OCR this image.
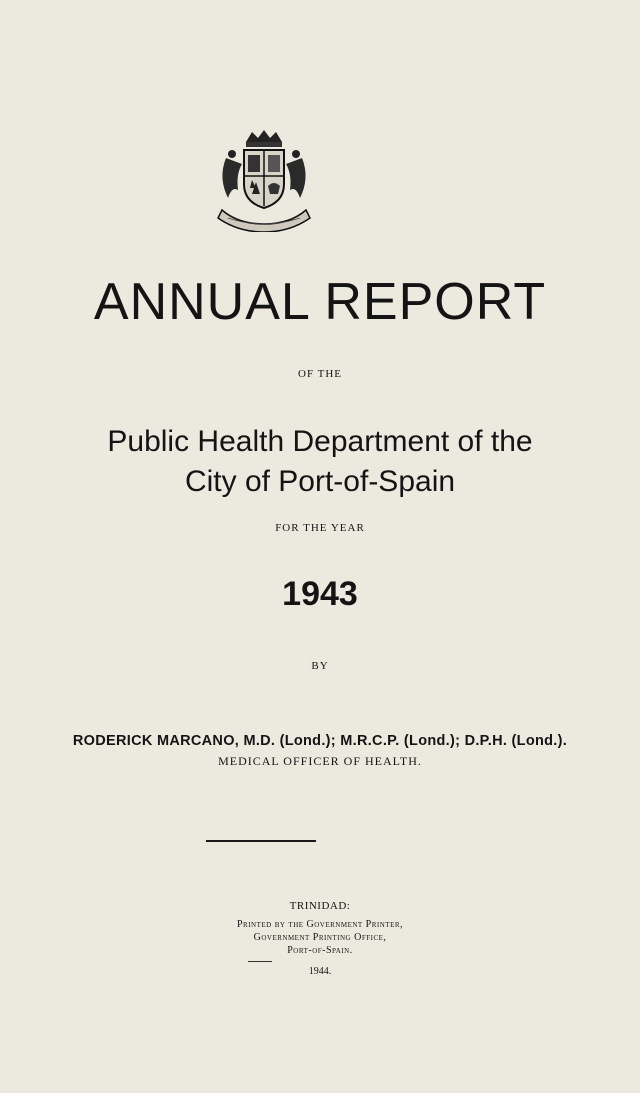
ANNUAL REPORT
OF THE
Public Health Department of the
City of Port-of-Spain
FOR THE YEAR
1943
BY
RODERICK MARCANO, M.D. (Lond.); M.R.C.P. (Lond.); D.P.H. (Lond.).
MEDICAL OFFICER OF HEALTH.
TRINIDAD:
Printed by the Government Printer,
Government Printing Office,
Port-of-Spain.
1944.
